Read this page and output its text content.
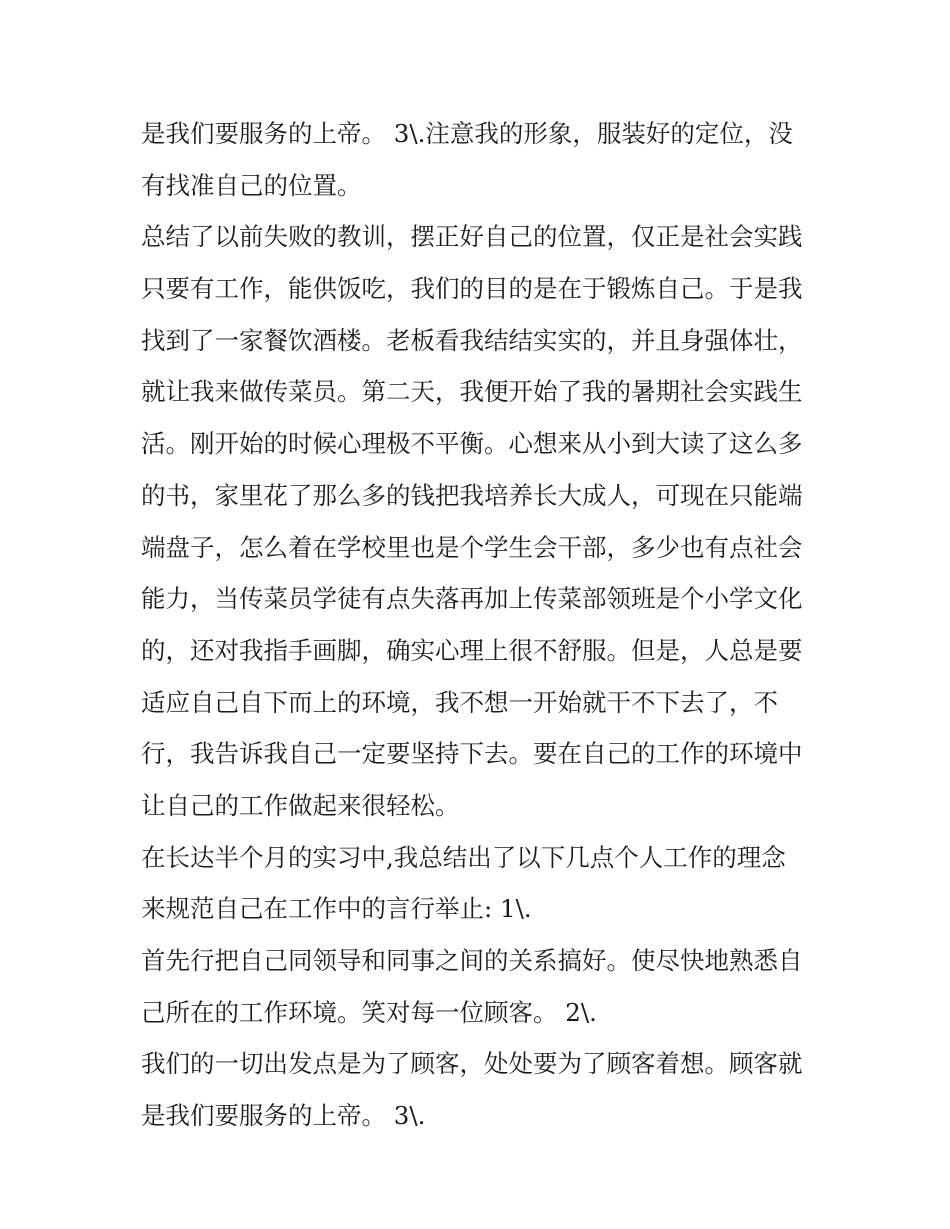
是我们要服务的上帝。 3\.注意我的形象，服装好的定位，没
有找准自己的位置。
总结了以前失败的教训，摆正好自己的位置，仅正是社会实践
只要有工作，能供饭吃，我们的目的是在于锻炼自己。于是我
找到了一家餐饮酒楼。老板看我结结实实的，并且身强体壮，
就让我来做传菜员。第二天，我便开始了我的暑期社会实践生
活。刚开始的时候心理极不平衡。心想来从小到大读了这么多
的书，家里花了那么多的钱把我培养长大成人，可现在只能端
端盘子，怎么着在学校里也是个学生会干部，多少也有点社会
能力，当传菜员学徒有点失落再加上传菜部领班是个小学文化
的，还对我指手画脚，确实心理上很不舒服。但是，人总是要
适应自己自下而上的环境，我不想一开始就干不下去了，不
行，我告诉我自己一定要坚持下去。要在自己的工作的环境中
让自己的工作做起来很轻松。
在长达半个月的实习中,我总结出了以下几点个人工作的理念
来规范自己在工作中的言行举止: 1\.
首先行把自己同领导和同事之间的关系搞好。使尽快地熟悉自
己所在的工作环境。笑对每一位顾客。 2\.
我们的一切出发点是为了顾客，处处要为了顾客着想。顾客就
是我们要服务的上帝。 3\.
